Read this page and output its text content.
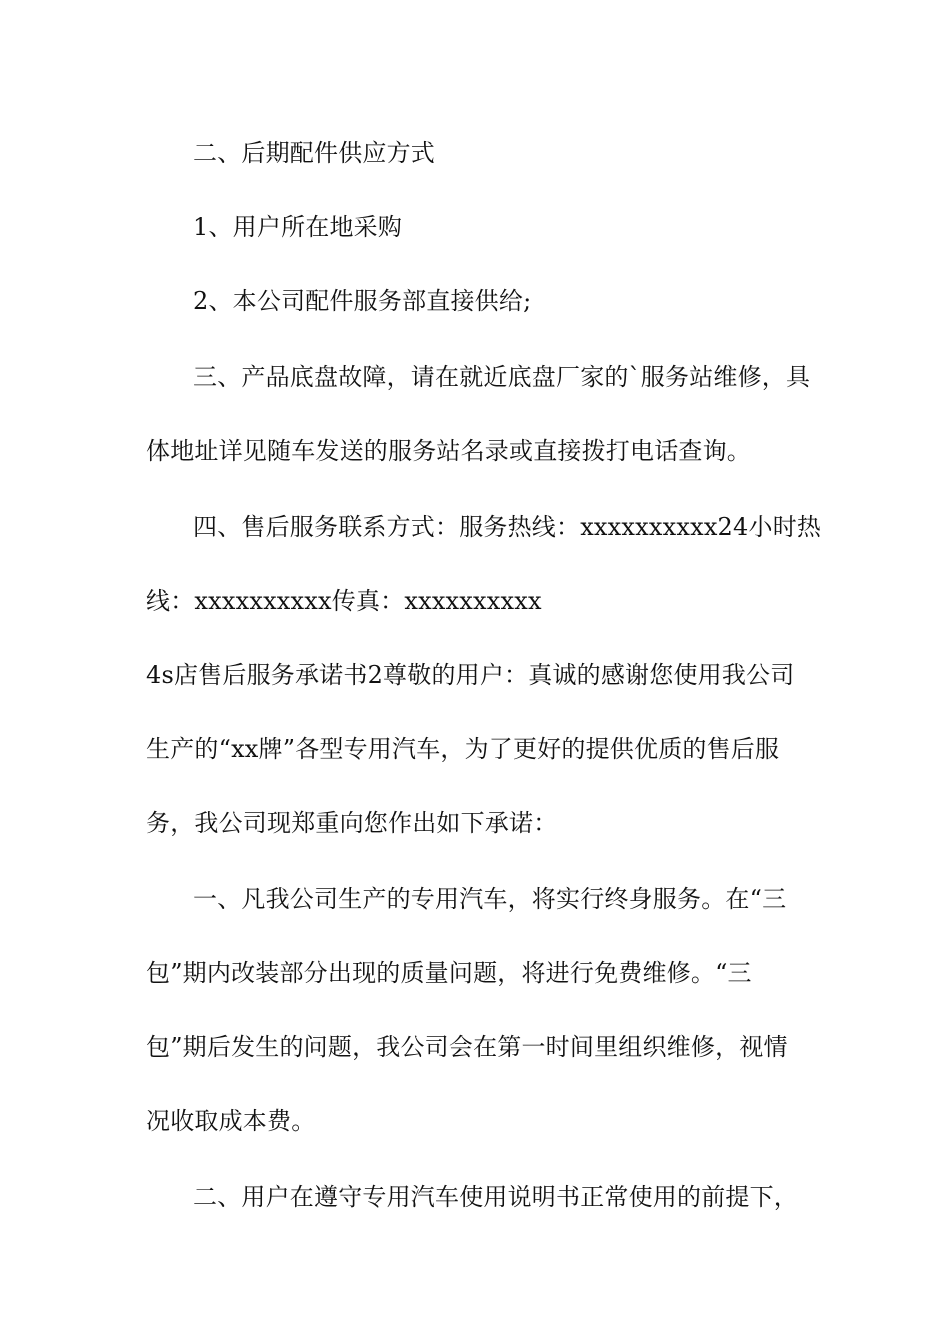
二、后期配件供应方式
1、用户所在地采购
2、本公司配件服务部直接供给;
三、产品底盘故障，请在就近底盘厂家的`服务站维修，具
体地址详见随车发送的服务站名录或直接拨打电话查询。
四、售后服务联系方式：服务热线：xxxxxxxxxx24小时热
线：xxxxxxxxxx传真：xxxxxxxxxx
4s店售后服务承诺书2尊敬的用户：真诚的感谢您使用我公司
生产的“xx牌”各型专用汽车，为了更好的提供优质的售后服
务，我公司现郑重向您作出如下承诺：
一、凡我公司生产的专用汽车，将实行终身服务。在“三
包”期内改装部分出现的质量问题，将进行免费维修。“三
包”期后发生的问题，我公司会在第一时间里组织维修，视情
况收取成本费。
二、用户在遵守专用汽车使用说明书正常使用的前提下，
